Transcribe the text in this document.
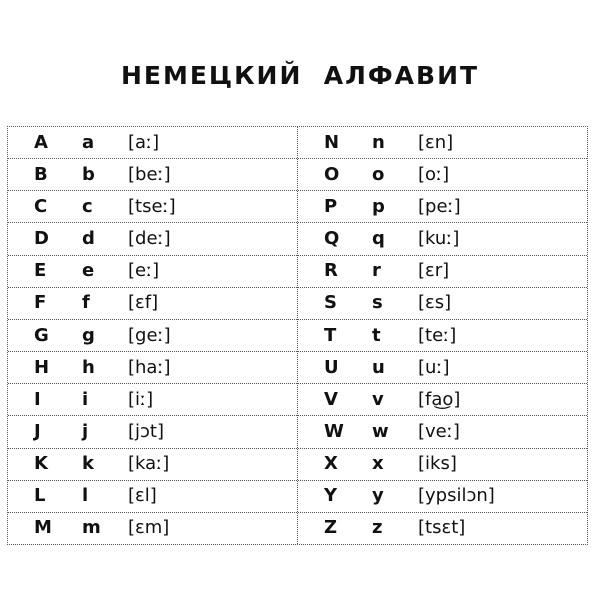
НЕМЕЦКИЙ  АЛФАВИТ
A	a	[aː]
B	b	[beː]
C	c	[tseː]
D	d	[deː]
E	e	[eː]
F	f	[ɛf]
G	g	[geː]
H	h	[haː]
I	i	[iː]
J	j	[jɔt]
K	k	[kaː]
L	l	[ɛl]
M	m	[ɛm]
N	n	[ɛn]
O	o	[oː]
P	p	[peː]
Q	q	[kuː]
R	r	[ɛr]
S	s	[ɛs]
T	t	[teː]
U	u	[uː]
V	v	[fa͜o]
W	w	[veː]
X	x	[iks]
Y	y	[ypsilɔn]
Z	z	[tsɛt]
